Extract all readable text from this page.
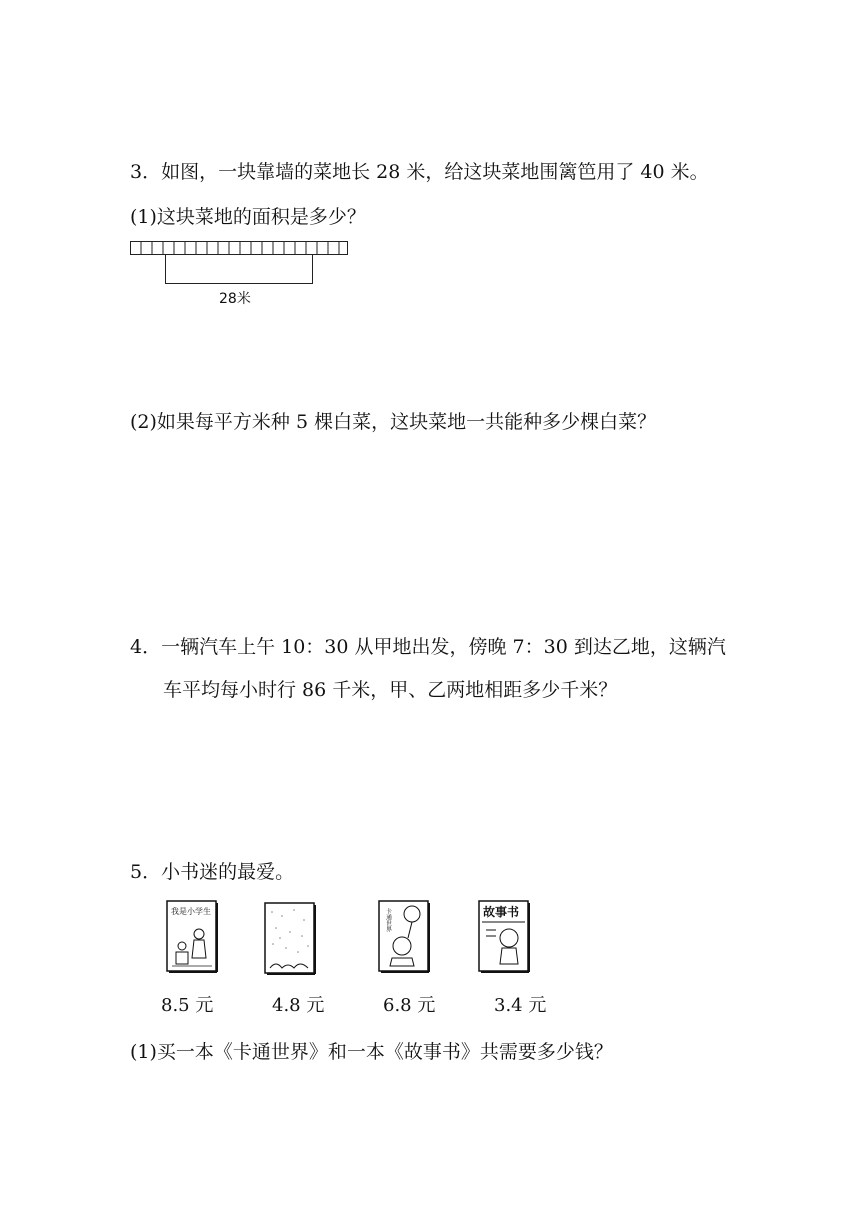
3．如图，一块靠墙的菜地长 28 米，给这块菜地围篱笆用了 40 米。
(1)这块菜地的面积是多少？
28米
(2)如果每平方米种 5 棵白菜，这块菜地一共能种多少棵白菜？
4．一辆汽车上午 10：30 从甲地出发，傍晚 7：30 到达乙地，这辆汽
车平均每小时行 86 千米，甲、乙两地相距多少千米？
5．小书迷的最爱。
我是小学生	卡通世界	故事书
8.5 元	4.8 元	6.8 元	3.4 元
(1)买一本《卡通世界》和一本《故事书》共需要多少钱？
